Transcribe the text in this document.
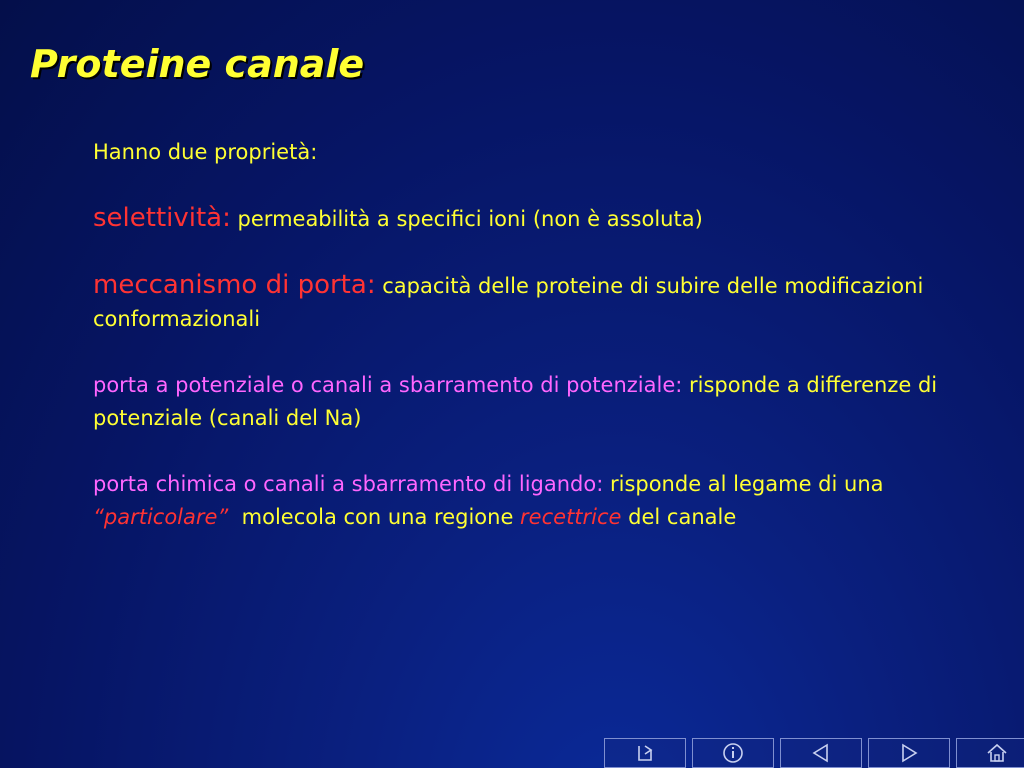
Proteine canale

Hanno due proprietà:

selettività: permeabilità a specifici ioni (non è assoluta)

meccanismo di porta: capacità delle proteine di subire delle modificazioni conformazionali

porta a potenziale o canali a sbarramento di potenziale: risponde a differenze di potenziale (canali del Na)

porta chimica o canali a sbarramento di ligando: risponde al legame di una “particolare”  molecola con una regione recettrice del canale
